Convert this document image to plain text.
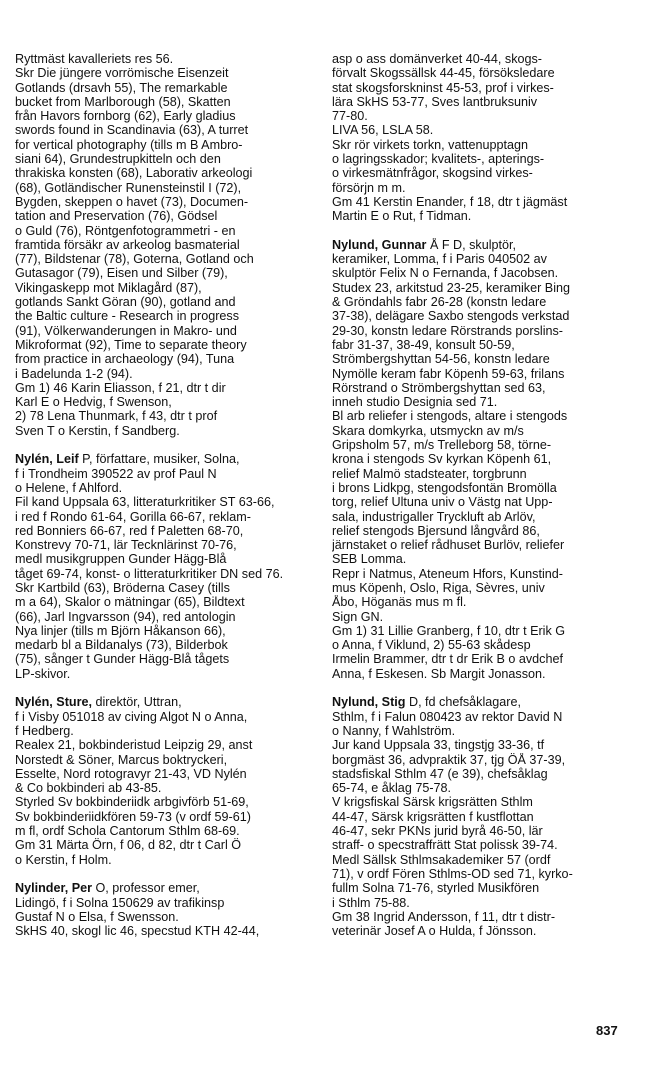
Ryttmäst kavalleriets res 56.
Skr Die jüngere vorrömische Eisenzeit
Gotlands (drsavh 55), The remarkable
bucket from Marlborough (58), Skatten
från Havors fornborg (62), Early gladius
swords found in Scandinavia (63), A turret
for vertical photography (tills m B Ambro-
siani 64), Grundestrupkitteln och den
thrakiska konsten (68), Laborativ arkeologi
(68), Gotländischer Runensteinstil I (72),
Bygden, skeppen o havet (73), Documen-
tation and Preservation (76), Gödsel
o Guld (76), Röntgenfotogrammetri - en
framtida försäkr av arkeolog basmaterial
(77), Bildstenar (78), Goterna, Gotland och
Gutasagor (79), Eisen und Silber (79),
Vikingaskepp mot Miklagård (87),
gotlands Sankt Göran (90), gotland and
the Baltic culture - Research in progress
(91), Völkerwanderungen in Makro- und
Mikroformat (92), Time to separate theory
from practice in archaeology (94), Tuna
i Badelunda 1-2 (94).
Gm 1) 46 Karin Eliasson, f 21, dtr t dir
Karl E o Hedvig, f Swenson,
2) 78 Lena Thunmark, f 43, dtr t prof
Sven T o Kerstin, f Sandberg.
Nylén, Leif P, författare, musiker, Solna,
f i Trondheim 390522 av prof Paul N
o Helene, f Ahlford.
Fil kand Uppsala 63, litteraturkritiker ST 63-66,
i red f Rondo 61-64, Gorilla 66-67, reklam-
red Bonniers 66-67, red f Paletten 68-70,
Konstrevy 70-71, lär Tecknlärinst 70-76,
medl musikgruppen Gunder Hägg-Blå
tåget 69-74, konst- o litteraturkritiker DN sed 76.
Skr Kartbild (63), Bröderna Casey (tills
m a 64), Skalor o mätningar (65), Bildtext
(66), Jarl Ingvarsson (94), red antologin
Nya linjer (tills m Björn Håkanson 66),
medarb bl a Bildanalys (73), Bilderbok
(75), sånger t Gunder Hägg-Blå tågets
LP-skivor.
Nylén, Sture, direktör, Uttran,
f i Visby 051018 av civing Algot N o Anna,
f Hedberg.
Realex 21, bokbinderistud Leipzig 29, anst
Norstedt & Söner, Marcus boktryckeri,
Esselte, Nord rotogravyr 21-43, VD Nylén
& Co bokbinderi ab 43-85.
Styrled Sv bokbinderiidk arbgivförb 51-69,
Sv bokbinderiidkfören 59-73 (v ordf 59-61)
m fl, ordf Schola Cantorum Sthlm 68-69.
Gm 31 Märta Örn, f 06, d 82, dtr t Carl Ö
o Kerstin, f Holm.
Nylinder, Per O, professor emer,
Lidingö, f i Solna 150629 av trafikinsp
Gustaf N o Elsa, f Swensson.
SkHS 40, skogl lic 46, specstud KTH 42-44,
asp o ass domänverket 40-44, skogs-
förvalt Skogssällsk 44-45, försöksledare
stat skogsforskninst 45-53, prof i virkes-
lära SkHS 53-77, Sves lantbruksuniv
77-80.
LIVA 56, LSLA 58.
Skr rör virkets torkn, vattenupptagn
o lagringsskador; kvalitets-, apterings-
o virkesmätnfrågor, skogsind virkes-
försörjn m m.
Gm 41 Kerstin Enander, f 18, dtr t jägmäst
Martin E o Rut, f Tidman.
Nylund, Gunnar Å F D, skulptör,
keramiker, Lomma, f i Paris 040502 av
skulptör Felix N o Fernanda, f Jacobsen.
Studex 23, arkitstud 23-25, keramiker Bing
& Gröndahls fabr 26-28 (konstn ledare
37-38), delägare Saxbo stengods verkstad
29-30, konstn ledare Rörstrands porslins-
fabr 31-37, 38-49, konsult 50-59,
Strömbergshyttan 54-56, konstn ledare
Nymölle keram fabr Köpenh 59-63, frilans
Rörstrand o Strömbergshyttan sed 63,
inneh studio Designia sed 71.
Bl arb reliefer i stengods, altare i stengods
Skara domkyrka, utsmyckn av m/s
Gripsholm 57, m/s Trelleborg 58, törne-
krona i stengods Sv kyrkan Köpenh 61,
relief Malmö stadsteater, torgbrunn
i brons Lidkpg, stengodsfontän Bromölla
torg, relief Ultuna univ o Västg nat Upp-
sala, industrigaller Tryckluft ab Arlöv,
relief stengods Bjersund långvård 86,
järnstaket o relief rådhuset Burlöv, reliefer
SEB Lomma.
Repr i Natmus, Ateneum Hfors, Kunstind-
mus Köpenh, Oslo, Riga, Sèvres, univ
Åbo, Höganäs mus m fl.
Sign GN.
Gm 1) 31 Lillie Granberg, f 10, dtr t Erik G
o Anna, f Viklund, 2) 55-63 skådesp
Irmelin Brammer, dtr t dr Erik B o avdchef
Anna, f Eskesen. Sb Margit Jonasson.
Nylund, Stig D, fd chefsåklagare,
Sthlm, f i Falun 080423 av rektor David N
o Nanny, f Wahlström.
Jur kand Uppsala 33, tingstjg 33-36, tf
borgmäst 36, advpraktik 37, tjg ÖÅ 37-39,
stadsfiskal Sthlm 47 (e 39), chefsåklag
65-74, e åklag 75-78.
V krigsfiskal Särsk krigsrätten Sthlm
44-47, Särsk krigsrätten f kustflottan
46-47, sekr PKNs jurid byrå 46-50, lär
straff- o specstraffrätt Stat polissk 39-74.
Medl Sällsk Sthlmsakademiker 57 (ordf
71), v ordf Fören Sthlms-OD sed 71, kyrko-
fullm Solna 71-76, styrled Musikfören
i Sthlm 75-88.
Gm 38 Ingrid Andersson, f 11, dtr t distr-
veterinär Josef A o Hulda, f Jönsson.
837
